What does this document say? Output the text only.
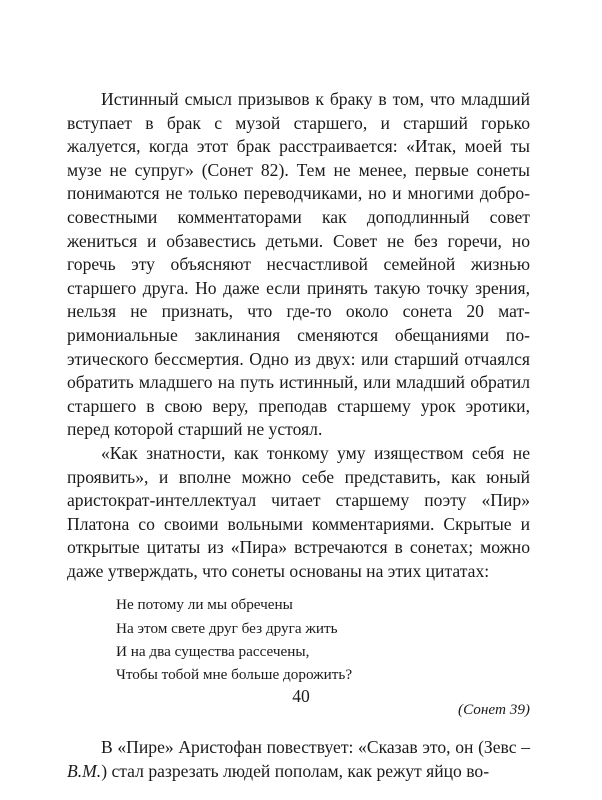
Истинный смысл призывов к браку в том, что младший вступает в брак с музой старшего, и старший горько жалуется, когда этот брак расстраивается: «Итак, моей ты музе не супруг» (Сонет 82). Тем не менее, первые сонеты понимаются не только переводчиками, но и многими добросовестными комментаторами как доподлинный совет жениться и обзавестись детьми. Совет не без горечи, но горечь эту объясняют несчастливой семейной жизнью старшего друга. Но даже если принять такую точку зрения, нельзя не признать, что где-то около сонета 20 матримониальные заклинания сменяются обещаниями поэтического бессмертия. Одно из двух: или старший отчаялся обратить младшего на путь истинный, или младший обратил старшего в свою веру, преподав старшему урок эротики, перед которой старший не устоял.

«Как знатности, как тонкому уму изяществом себя не проявить», и вполне можно себе представить, как юный аристократ-интеллектуал читает старшему поэту «Пир» Платона со своими вольными комментариями. Скрытые и открытые цитаты из «Пира» встречаются в сонетах; можно даже утверждать, что сонеты основаны на этих цитатах:

Не потому ли мы обречены
На этом свете друг без друга жить
И на два существа рассечены,
Чтобы тобой мне больше дорожить?

(Сонет 39)

В «Пире» Аристофан повествует: «Сказав это, он (Зевс – В.М.) стал разрезать людей пополам, как режут яйцо во-

40
